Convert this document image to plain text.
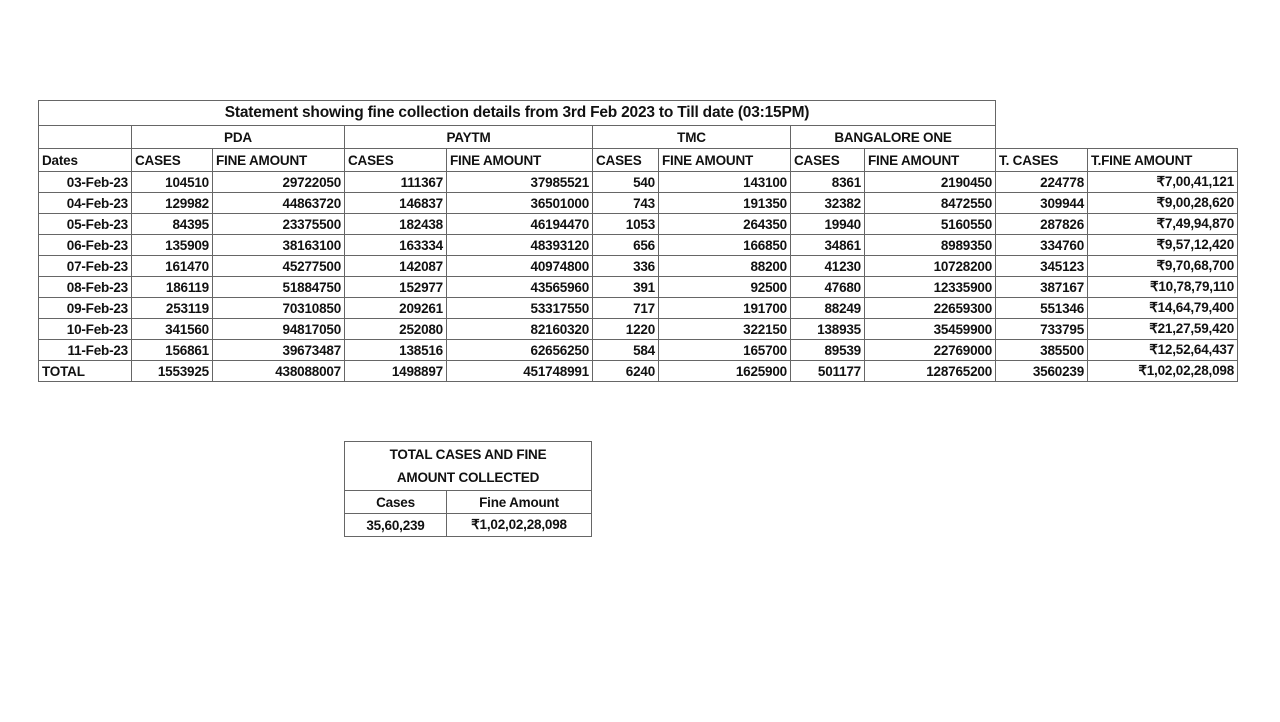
Statement showing fine collection details from 3rd Feb 2023 to Till date (03:15PM)										
	PDA		PAYTM		TMC		BANGALORE ONE			
Dates	CASES	FINE AMOUNT	CASES	FINE AMOUNT	CASES	FINE AMOUNT	CASES	FINE AMOUNT	T. CASES	T.FINE AMOUNT
03-Feb-23	104510	29722050	111367	37985521	540	143100	8361	2190450	224778	₹7,00,41,121
04-Feb-23	129982	44863720	146837	36501000	743	191350	32382	8472550	309944	₹9,00,28,620
05-Feb-23	84395	23375500	182438	46194470	1053	264350	19940	5160550	287826	₹7,49,94,870
06-Feb-23	135909	38163100	163334	48393120	656	166850	34861	8989350	334760	₹9,57,12,420
07-Feb-23	161470	45277500	142087	40974800	336	88200	41230	10728200	345123	₹9,70,68,700
08-Feb-23	186119	51884750	152977	43565960	391	92500	47680	12335900	387167	₹10,78,79,110
09-Feb-23	253119	70310850	209261	53317550	717	191700	88249	22659300	551346	₹14,64,79,400
10-Feb-23	341560	94817050	252080	82160320	1220	322150	138935	35459900	733795	₹21,27,59,420
11-Feb-23	156861	39673487	138516	62656250	584	165700	89539	22769000	385500	₹12,52,64,437
TOTAL	1553925	438088007	1498897	451748991	6240	1625900	501177	128765200	3560239	₹1,02,02,28,098
TOTAL CASES AND FINE AMOUNT COLLECTED	
Cases	Fine Amount
35,60,239	₹1,02,02,28,098
